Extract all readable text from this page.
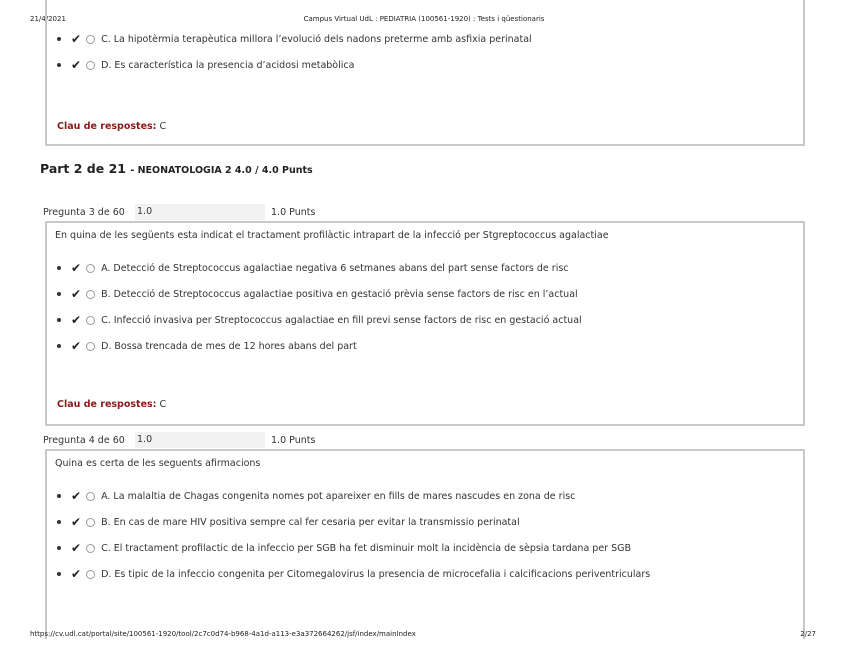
21/4/2021	Campus Virtual UdL : PEDIATRIA (100561-1920) : Tests i qüestionaris
✔ C. La hipotèrmia terapèutica millora l’evolució dels nadons preterme amb asfixia perinatal
✔ D. Es característica la presencia d’acidosi metabòlica
Clau de respostes: C
Part 2 de 21 - NEONATOLOGIA 2 4.0 / 4.0 Punts
Pregunta 3 de 60	1.0	1.0 Punts
En quina de les següents esta indicat el tractament profilàctic intrapart de la infecció per Stgreptococcus agalactiae
✔ A. Detecció de Streptococcus agalactiae negativa 6 setmanes abans del part sense factors de risc
✔ B. Detecció de Streptococcus agalactiae positiva en gestació prèvia sense factors de risc en l’actual
✔ C. Infecció invasiva per Streptococcus agalactiae en fill previ sense factors de risc en gestació actual
✔ D. Bossa trencada de mes de 12 hores abans del part
Clau de respostes: C
Pregunta 4 de 60	1.0	1.0 Punts
Quina es certa de les seguents afirmacions
✔ A. La malaltia de Chagas congenita nomes pot apareixer en fills de mares nascudes en zona de risc
✔ B. En cas de mare HIV positiva sempre cal fer cesaria per evitar la transmissio perinatal
✔ C. El tractament profilactic de la infeccio per SGB ha fet disminuir molt la incidència de sèpsia tardana per SGB
✔ D. Es tipic de la infeccio congenita per Citomegalovirus la presencia de microcefalia i calcificacions periventriculars
https://cv.udl.cat/portal/site/100561-1920/tool/2c7c0d74-b968-4a1d-a113-e3a372664262/jsf/index/mainIndex	2/27
